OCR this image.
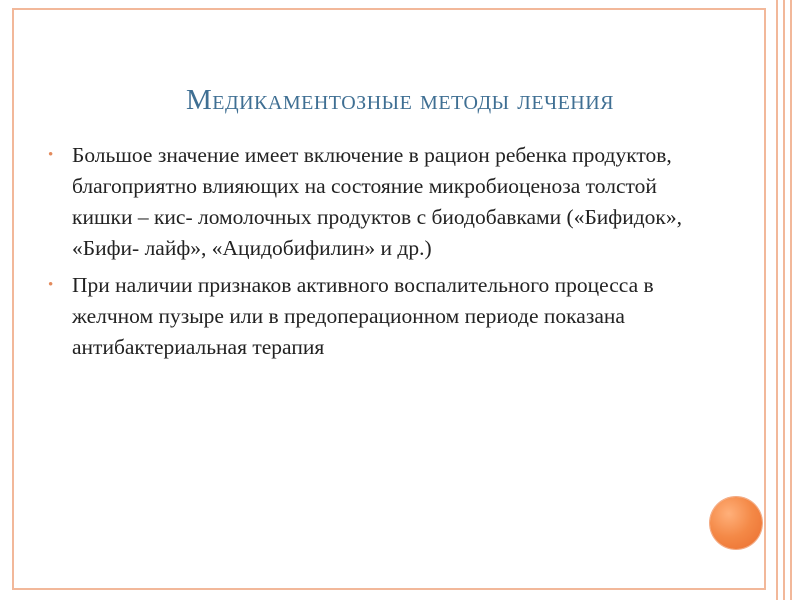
Медикаментозные методы лечения
• Большое значение имеет включение в рацион ребенка продуктов, благоприятно влияющих на состояние микробиоценоза толстой кишки – кис- ломолочных продуктов с биодобавками («Бифидок», «Бифи- лайф», «Ацидобифилин» и др.)
• При наличии признаков активного воспалительного процесса в желчном пузыре или в предоперационном периоде показана антибактериальная терапия
